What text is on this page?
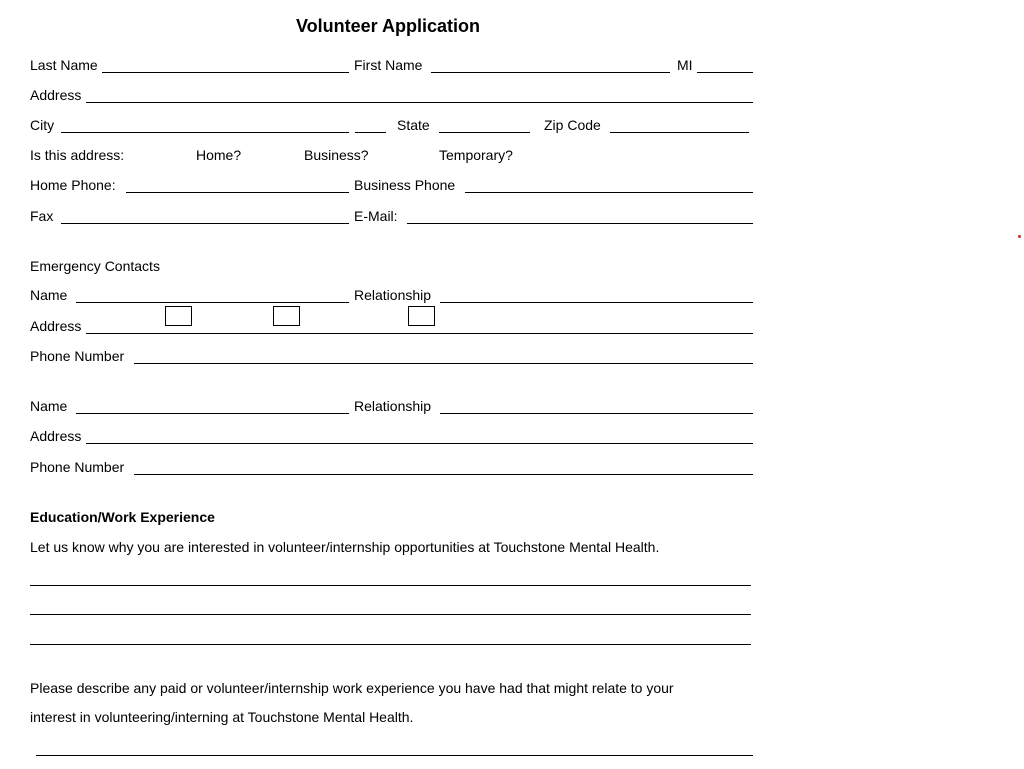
Volunteer Application
Last Name	First Name	MI
Address
City	State	Zip Code
Is this address:	Home?	Business?	Temporary?
Home Phone:	Business Phone
Fax	E-Mail:
Emergency Contacts
Name	Relationship
Address
Phone Number
Name	Relationship
Address
Phone Number
Education/Work Experience
Let us know why you are interested in volunteer/internship opportunities at Touchstone Mental Health.
Please describe any paid or volunteer/internship work experience you have had that might relate to your
interest in volunteering/interning at Touchstone Mental Health.
